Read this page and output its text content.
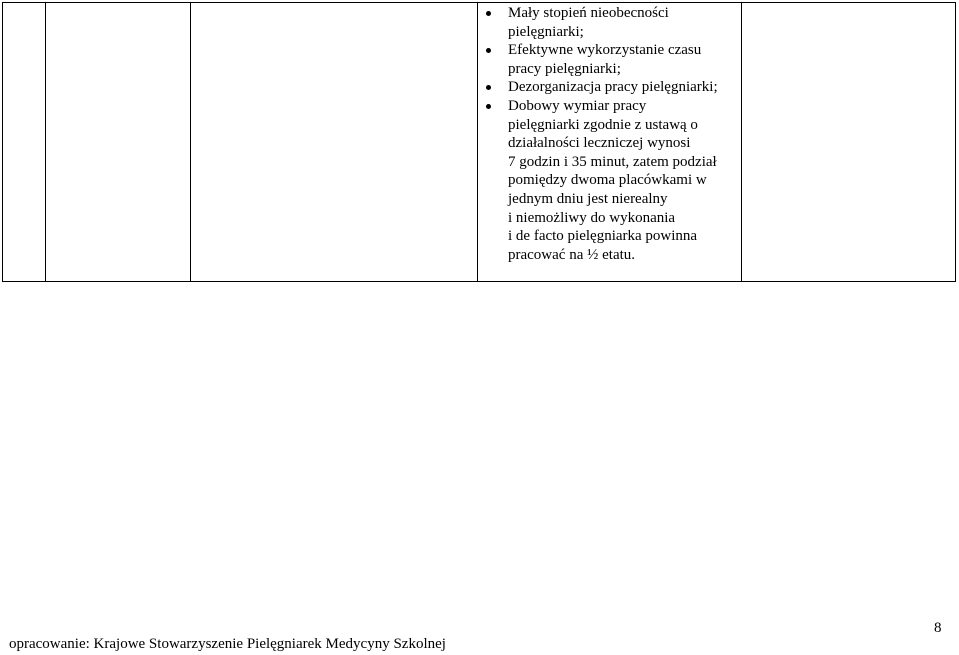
Mały stopień nieobecności
pielęgniarki;
Efektywne wykorzystanie czasu
pracy pielęgniarki;
Dezorganizacja pracy pielęgniarki;
Dobowy wymiar pracy
pielęgniarki zgodnie z ustawą o
działalności leczniczej wynosi
7 godzin i 35 minut, zatem podział
pomiędzy dwoma placówkami w
jednym dniu jest nierealny
i niemożliwy do wykonania
i de facto pielęgniarka powinna
pracować na ½ etatu.
8
opracowanie: Krajowe Stowarzyszenie Pielęgniarek Medycyny Szkolnej
